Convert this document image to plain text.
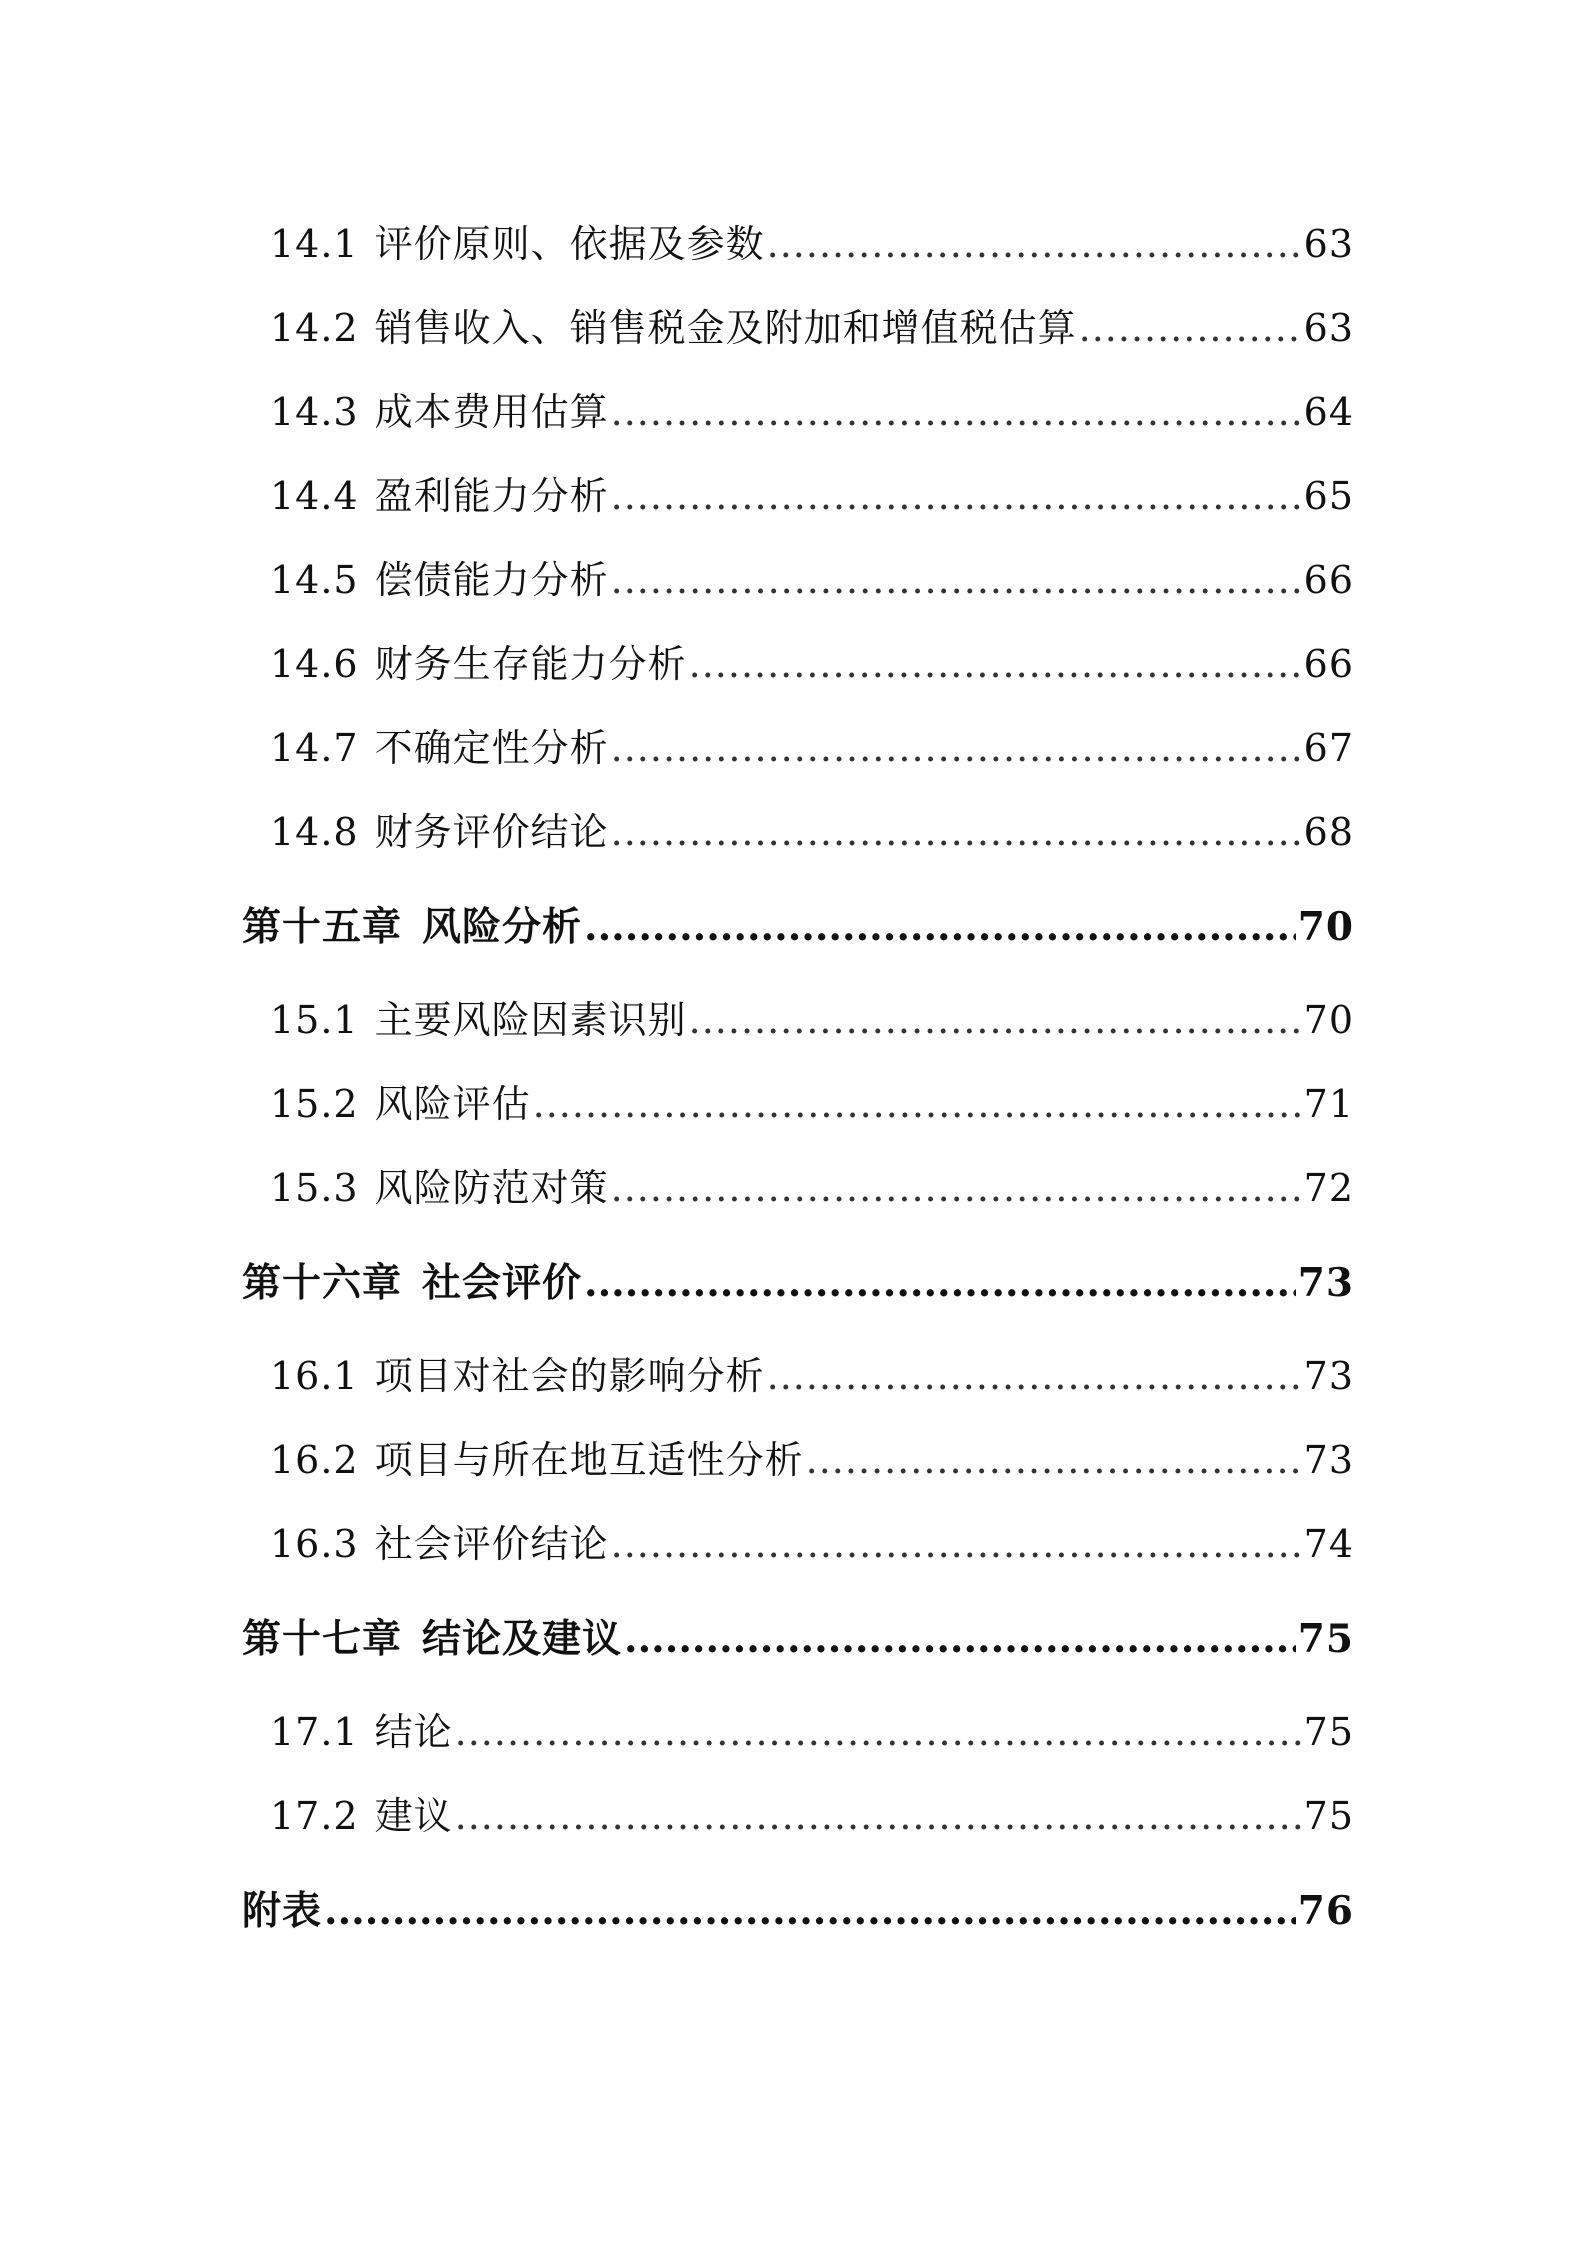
14.1 评价原则、依据及参数 .....	63
14.2 销售收入、销售税金及附加和增值税估算 .....	63
14.3 成本费用估算 .....	64
14.4 盈利能力分析 .....	65
14.5 偿债能力分析 .....	66
14.6 财务生存能力分析 .....	66
14.7 不确定性分析 .....	67
14.8 财务评价结论 .....	68
第十五章 风险分析 .....	70
15.1 主要风险因素识别 .....	70
15.2 风险评估 .....	71
15.3 风险防范对策 .....	72
第十六章 社会评价 .....	73
16.1 项目对社会的影响分析 .....	73
16.2 项目与所在地互适性分析 .....	73
16.3 社会评价结论 .....	74
第十七章 结论及建议 .....	75
17.1 结论 .....	75
17.2 建议 .....	75
附表 .....	76
